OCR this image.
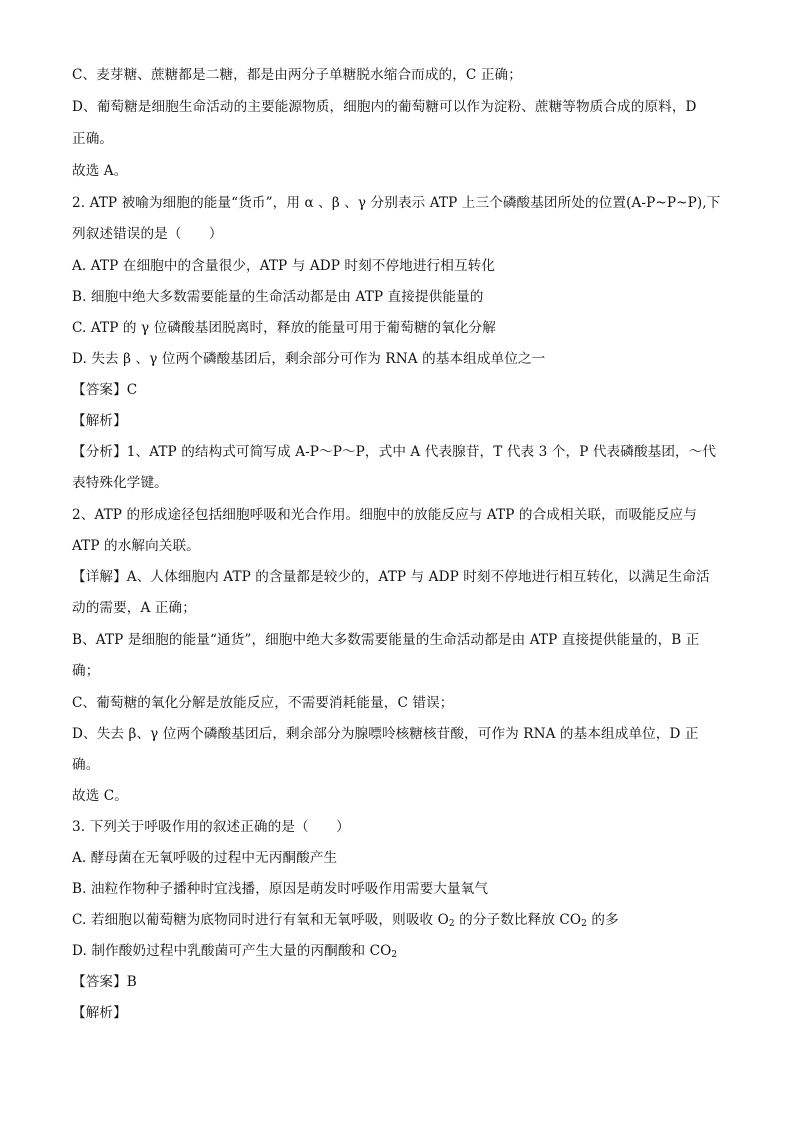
C、麦芽糖、蔗糖都是二糖，都是由两分子单糖脱水缩合而成的，C 正确；
D、葡萄糖是细胞生命活动的主要能源物质，细胞内的葡萄糖可以作为淀粉、蔗糖等物质合成的原料，D
正确。
故选 A。
2. ATP 被喻为细胞的能量“货币”，用 α 、β 、γ 分别表示 ATP 上三个磷酸基团所处的位置(A-P~P~P),下
列叙述错误的是（　　）
A. ATP 在细胞中的含量很少，ATP 与 ADP 时刻不停地进行相互转化
B. 细胞中绝大多数需要能量的生命活动都是由 ATP 直接提供能量的
C. ATP 的 γ 位磷酸基团脱离时，释放的能量可用于葡萄糖的氧化分解
D. 失去 β 、γ 位两个磷酸基团后，剩余部分可作为 RNA 的基本组成单位之一
【答案】C
【解析】
【分析】1、ATP 的结构式可简写成 A-P～P～P，式中 A 代表腺苷，T 代表 3 个，P 代表磷酸基团，～代
表特殊化学键。
2、ATP 的形成途径包括细胞呼吸和光合作用。细胞中的放能反应与 ATP 的合成相关联，而吸能反应与
ATP 的水解向关联。
【详解】A、人体细胞内 ATP 的含量都是较少的，ATP 与 ADP 时刻不停地进行相互转化，以满足生命活
动的需要，A 正确；
B、ATP 是细胞的能量“通货”，细胞中绝大多数需要能量的生命活动都是由 ATP 直接提供能量的，B 正
确；
C、葡萄糖的氧化分解是放能反应，不需要消耗能量，C 错误；
D、失去 β、γ 位两个磷酸基团后，剩余部分为腺嘌呤核糖核苷酸，可作为 RNA 的基本组成单位，D 正
确。
故选 C。
3. 下列关于呼吸作用的叙述正确的是（　　）
A. 酵母菌在无氧呼吸的过程中无丙酮酸产生
B. 油粒作物种子播种时宜浅播，原因是萌发时呼吸作用需要大量氧气
C. 若细胞以葡萄糖为底物同时进行有氧和无氧呼吸，则吸收 $O_2$ 的分子数比释放 $CO_2$ 的多
D. 制作酸奶过程中乳酸菌可产生大量的丙酮酸和 $CO_2$
【答案】B
【解析】
